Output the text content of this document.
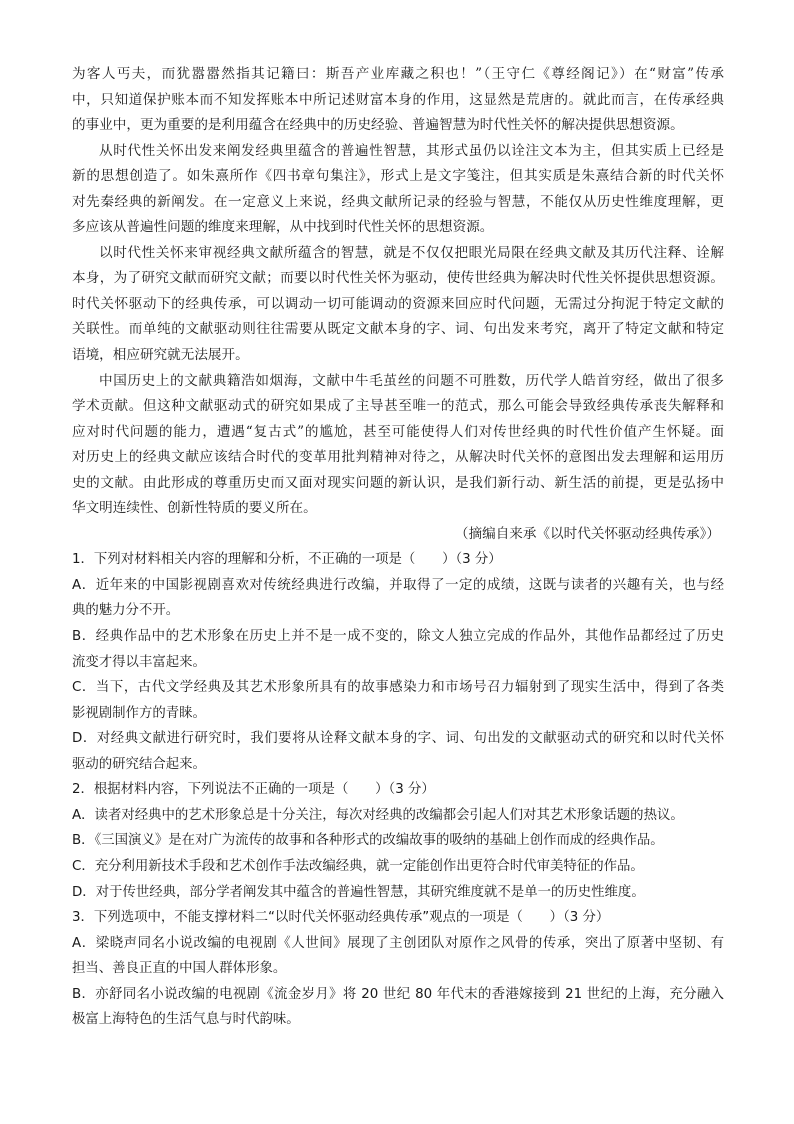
为客人丐夫，而犹嚣嚣然指其记籍曰：斯吾产业库藏之积也！”（王守仁《尊经阁记》）在“财富”传承
中，只知道保护账本而不知发挥账本中所记述财富本身的作用，这显然是荒唐的。就此而言，在传承经典
的事业中，更为重要的是利用蕴含在经典中的历史经验、普遍智慧为时代性关怀的解决提供思想资源。
从时代性关怀出发来阐发经典里蕴含的普遍性智慧，其形式虽仍以诠注文本为主，但其实质上已经是
新的思想创造了。如朱熹所作《四书章句集注》，形式上是文字笺注，但其实质是朱熹结合新的时代关怀
对先秦经典的新阐发。在一定意义上来说，经典文献所记录的经验与智慧，不能仅从历史性维度理解，更
多应该从普遍性问题的维度来理解，从中找到时代性关怀的思想资源。
以时代性关怀来审视经典文献所蕴含的智慧，就是不仅仅把眼光局限在经典文献及其历代注释、诠解
本身，为了研究文献而研究文献；而要以时代性关怀为驱动，使传世经典为解决时代性关怀提供思想资源。
时代关怀驱动下的经典传承，可以调动一切可能调动的资源来回应时代问题，无需过分拘泥于特定文献的
关联性。而单纯的文献驱动则往往需要从既定文献本身的字、词、句出发来考究，离开了特定文献和特定
语境，相应研究就无法展开。
中国历史上的文献典籍浩如烟海，文献中牛毛茧丝的问题不可胜数，历代学人皓首穷经，做出了很多
学术贡献。但这种文献驱动式的研究如果成了主导甚至唯一的范式，那么可能会导致经典传承丧失解释和
应对时代问题的能力，遭遇“复古式”的尴尬，甚至可能使得人们对传世经典的时代性价值产生怀疑。面
对历史上的经典文献应该结合时代的变革用批判精神对待之，从解决时代关怀的意图出发去理解和运用历
史的文献。由此形成的尊重历史而又面对现实问题的新认识，是我们新行动、新生活的前提，更是弘扬中
华文明连续性、创新性特质的要义所在。
（摘编自来承《以时代关怀驱动经典传承》）
1．下列对材料相关内容的理解和分析，不正确的一项是（　　）（3 分）
A．近年来的中国影视剧喜欢对传统经典进行改编，并取得了一定的成绩，这既与读者的兴趣有关，也与经
典的魅力分不开。
B．经典作品中的艺术形象在历史上并不是一成不变的，除文人独立完成的作品外，其他作品都经过了历史
流变才得以丰富起来。
C．当下，古代文学经典及其艺术形象所具有的故事感染力和市场号召力辐射到了现实生活中，得到了各类
影视剧制作方的青睐。
D．对经典文献进行研究时，我们要将从诠释文献本身的字、词、句出发的文献驱动式的研究和以时代关怀
驱动的研究结合起来。
2．根据材料内容，下列说法不正确的一项是（　　）（3 分）
A．读者对经典中的艺术形象总是十分关注，每次对经典的改编都会引起人们对其艺术形象话题的热议。
B．《三国演义》是在对广为流传的故事和各种形式的改编故事的吸纳的基础上创作而成的经典作品。
C．充分利用新技术手段和艺术创作手法改编经典，就一定能创作出更符合时代审美特征的作品。
D．对于传世经典，部分学者阐发其中蕴含的普遍性智慧，其研究维度就不是单一的历史性维度。
3．下列选项中，不能支撑材料二“以时代关怀驱动经典传承”观点的一项是（　　）（3 分）
A．梁晓声同名小说改编的电视剧《人世间》展现了主创团队对原作之风骨的传承，突出了原著中坚韧、有
担当、善良正直的中国人群体形象。
B．亦舒同名小说改编的电视剧《流金岁月》将 20 世纪 80 年代末的香港嫁接到 21 世纪的上海，充分融入
极富上海特色的生活气息与时代韵味。
